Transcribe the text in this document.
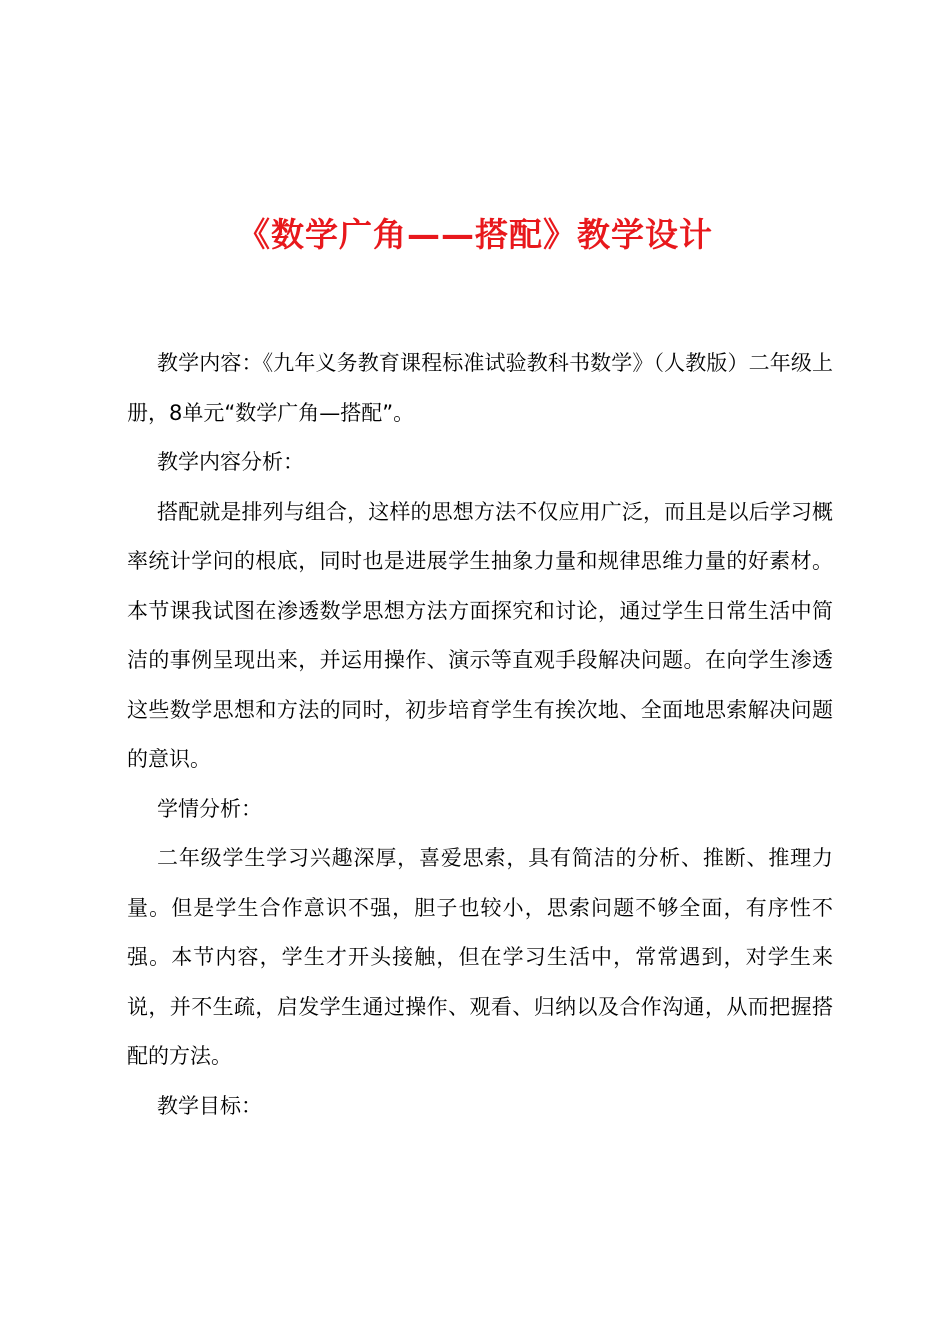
《数学广角——搭配》教学设计

教学内容：《九年义务教育课程标准试验教科书数学》（人教版）二年级上册，8单元“数学广角—搭配”。

教学内容分析：

搭配就是排列与组合，这样的思想方法不仅应用广泛，而且是以后学习概率统计学问的根底，同时也是进展学生抽象力量和规律思维力量的好素材。本节课我试图在渗透数学思想方法方面探究和讨论，通过学生日常生活中简洁的事例呈现出来，并运用操作、演示等直观手段解决问题。在向学生渗透这些数学思想和方法的同时，初步培育学生有挨次地、全面地思索解决问题的意识。

学情分析：

二年级学生学习兴趣深厚，喜爱思索，具有简洁的分析、推断、推理力量。但是学生合作意识不强，胆子也较小，思索问题不够全面，有序性不强。本节内容，学生才开头接触，但在学习生活中，常常遇到，对学生来说，并不生疏，启发学生通过操作、观看、归纳以及合作沟通，从而把握搭配的方法。

教学目标：
